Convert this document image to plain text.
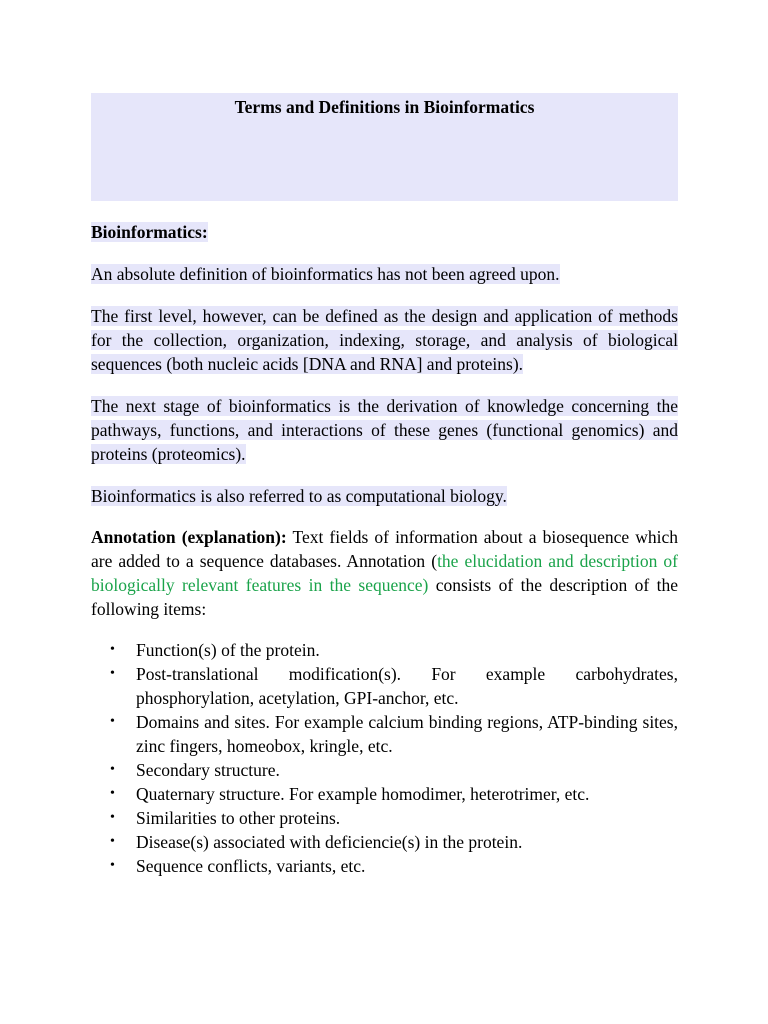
Terms and Definitions in Bioinformatics
Bioinformatics:

An absolute definition of bioinformatics has not been agreed upon.

The first level, however, can be defined as the design and application of methods for the collection, organization, indexing, storage, and analysis of biological sequences (both nucleic acids [DNA and RNA] and proteins).

The next stage of bioinformatics is the derivation of knowledge concerning the pathways, functions, and interactions of these genes (functional genomics) and proteins (proteomics).

Bioinformatics is also referred to as computational biology.

Annotation (explanation): Text fields of information about a biosequence which are added to a sequence databases. Annotation (the elucidation and description of biologically relevant features in the sequence) consists of the description of the following items:

• Function(s) of the protein.
• Post-translational modification(s). For example carbohydrates, phosphorylation, acetylation, GPI-anchor, etc.
• Domains and sites. For example calcium binding regions, ATP-binding sites, zinc fingers, homeobox, kringle, etc.
• Secondary structure.
• Quaternary structure. For example homodimer, heterotrimer, etc.
• Similarities to other proteins.
• Disease(s) associated with deficiencie(s) in the protein.
• Sequence conflicts, variants, etc.
